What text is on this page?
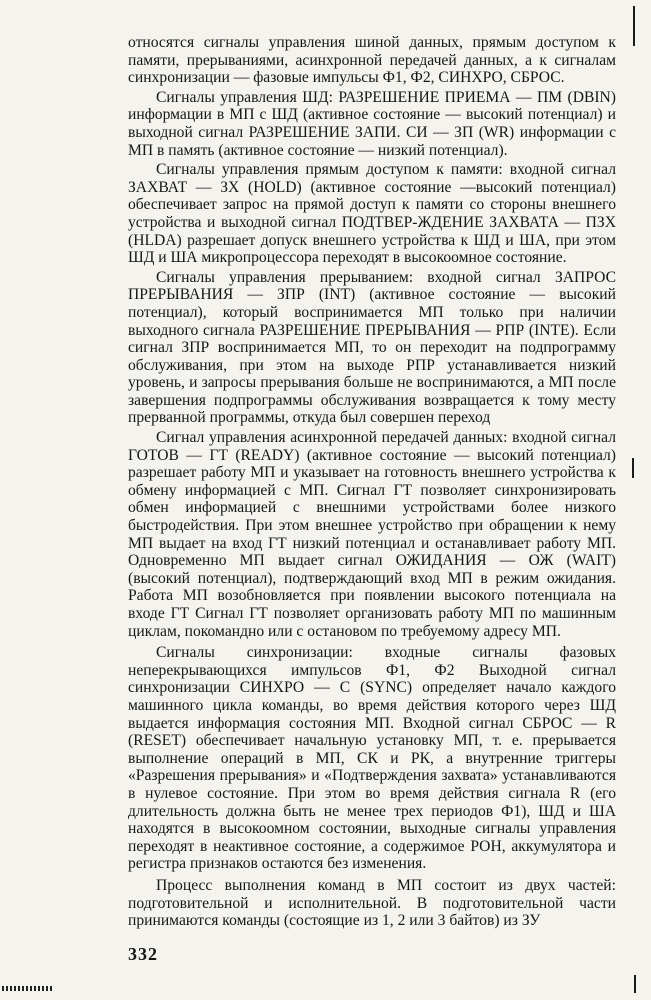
относятся сигналы управления шиной данных, прямым доступом к памяти, прерываниями, асинхронной передачей данных, а к сигналам синхронизации — фазовые импульсы Ф1, Ф2, СИНХРО, СБРОС.

Сигналы управления ШД: РАЗРЕШЕНИЕ ПРИЕМА — ПМ (DBIN) информации в МП с ШД (активное состояние — высокий потенциал) и выходной сигнал РАЗРЕШЕНИЕ ЗАПИ. СИ — ЗП (WR) информации с МП в память (активное состояние — низкий потенциал).

Сигналы управления прямым доступом к памяти: входной сигнал ЗАХВАТ — ЗХ (HOLD) (активное состояние —высокий потенциал) обеспечивает запрос на прямой доступ к памяти со стороны внешнего устройства и выходной сигнал ПОДТВЕР-ЖДЕНИЕ ЗАХВАТА — ПЗХ (HLDA) разрешает допуск внешнего устройства к ШД и ША, при этом ШД и ША микропроцессора переходят в высокоомное состояние.

Сигналы управления прерыванием: входной сигнал ЗАПРОС ПРЕРЫВАНИЯ — ЗПР (INT) (активное состояние — высокий потенциал), который воспринимается МП только при наличии выходного сигнала РАЗРЕШЕНИЕ ПРЕРЫВАНИЯ — РПР (INTE). Если сигнал ЗПР воспринимается МП, то он переходит на подпрограмму обслуживания, при этом на выходе РПР устанавливается низкий уровень, и запросы прерывания больше не воспринимаются, а МП после завершения подпрограммы обслуживания возвращается к тому месту прерванной программы, откуда был совершен переход

Сигнал управления асинхронной передачей данных: входной сигнал ГОТОВ — ГТ (READY) (активное состояние — высокий потенциал) разрешает работу МП и указывает на готовность внешнего устройства к обмену информацией с МП. Сигнал ГТ позволяет синхронизировать обмен информацией с внешними устройствами более низкого быстродействия. При этом внешнее устройство при обращении к нему МП выдает на вход ГТ низкий потенциал и останавливает работу МП. Одновременно МП выдает сигнал ОЖИДАНИЯ — ОЖ (WAIT) (высокий потенциал), подтверждающий вход МП в режим ожидания. Работа МП возобновляется при появлении высокого потенциала на входе ГТ Сигнал ГТ позволяет организовать работу МП по машинным циклам, покомандно или с остановом по требуемому адресу МП.

Сигналы синхронизации: входные сигналы фазовых неперекрывающихся импульсов Ф1, Ф2 Выходной сигнал синхронизации СИНХРО — С (SYNC) определяет начало каждого машинного цикла команды, во время действия которого через ШД выдается информация состояния МП. Входной сигнал СБРОС — R (RESET) обеспечивает начальную установку МП, т. е. прерывается выполнение операций в МП, СК и РК, а внутренние триггеры «Разрешения прерывания» и «Подтверждения захвата» устанавливаются в нулевое состояние. При этом во время действия сигнала R (его длительность должна быть не менее трех периодов Ф1), ШД и ША находятся в высокоомном состоянии, выходные сигналы управления переходят в неактивное состояние, а содержимое РОН, аккумулятора и регистра признаков остаются без изменения.

Процесс выполнения команд в МП состоит из двух частей: подготовительной и исполнительной. В подготовительной части принимаются команды (состоящие из 1, 2 или 3 байтов) из ЗУ

332
